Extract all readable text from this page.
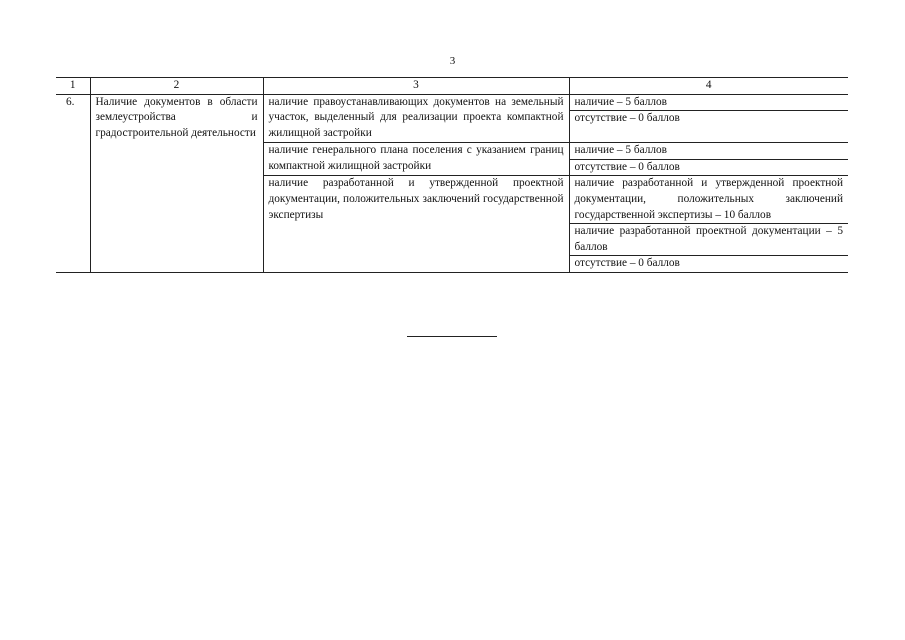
3
1	2	3	4
6.	Наличие документов в области землеустройства и градостроительной деятельности	наличие правоустанавливающих документов на земельный участок, выделенный для реализации проекта компактной жилищной застройки	наличие – 5 баллов
			отсутствие – 0 баллов
		наличие генерального плана поселения с указанием границ компактной жилищной застройки	наличие – 5 баллов
			отсутствие – 0 баллов
		наличие разработанной и утвержденной проектной документации, положительных заключений государственной экспертизы	наличие разработанной и утвержденной проектной документации, положительных заключений государственной экспертизы – 10 баллов
			наличие разработанной проектной документации – 5 баллов
			отсутствие – 0 баллов
